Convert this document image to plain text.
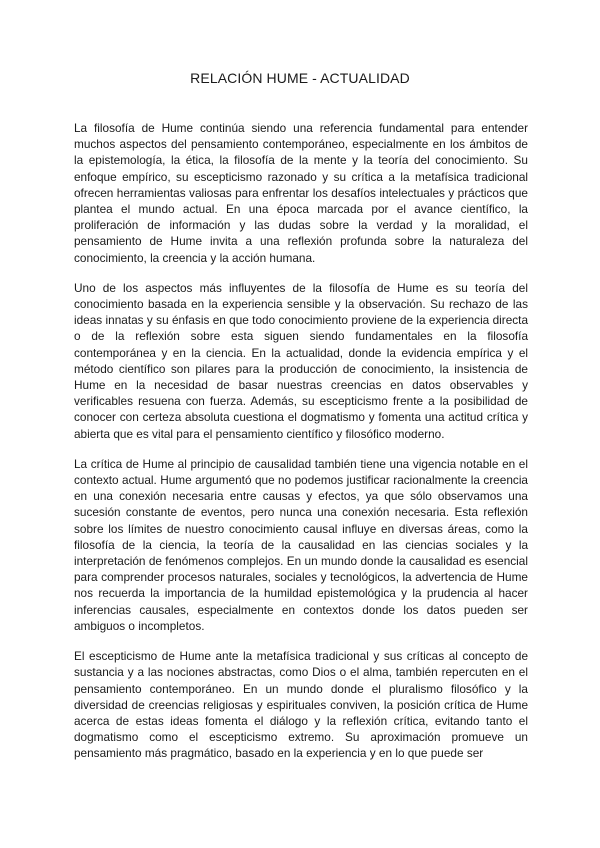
RELACIÓN HUME - ACTUALIDAD

La filosofía de Hume continúa siendo una referencia fundamental para entender muchos aspectos del pensamiento contemporáneo, especialmente en los ámbitos de la epistemología, la ética, la filosofía de la mente y la teoría del conocimiento. Su enfoque empírico, su escepticismo razonado y su crítica a la metafísica tradicional ofrecen herramientas valiosas para enfrentar los desafíos intelectuales y prácticos que plantea el mundo actual. En una época marcada por el avance científico, la proliferación de información y las dudas sobre la verdad y la moralidad, el pensamiento de Hume invita a una reflexión profunda sobre la naturaleza del conocimiento, la creencia y la acción humana.

Uno de los aspectos más influyentes de la filosofía de Hume es su teoría del conocimiento basada en la experiencia sensible y la observación. Su rechazo de las ideas innatas y su énfasis en que todo conocimiento proviene de la experiencia directa o de la reflexión sobre esta siguen siendo fundamentales en la filosofía contemporánea y en la ciencia. En la actualidad, donde la evidencia empírica y el método científico son pilares para la producción de conocimiento, la insistencia de Hume en la necesidad de basar nuestras creencias en datos observables y verificables resuena con fuerza. Además, su escepticismo frente a la posibilidad de conocer con certeza absoluta cuestiona el dogmatismo y fomenta una actitud crítica y abierta que es vital para el pensamiento científico y filosófico moderno.

La crítica de Hume al principio de causalidad también tiene una vigencia notable en el contexto actual. Hume argumentó que no podemos justificar racionalmente la creencia en una conexión necesaria entre causas y efectos, ya que sólo observamos una sucesión constante de eventos, pero nunca una conexión necesaria. Esta reflexión sobre los límites de nuestro conocimiento causal influye en diversas áreas, como la filosofía de la ciencia, la teoría de la causalidad en las ciencias sociales y la interpretación de fenómenos complejos. En un mundo donde la causalidad es esencial para comprender procesos naturales, sociales y tecnológicos, la advertencia de Hume nos recuerda la importancia de la humildad epistemológica y la prudencia al hacer inferencias causales, especialmente en contextos donde los datos pueden ser ambiguos o incompletos.

El escepticismo de Hume ante la metafísica tradicional y sus críticas al concepto de sustancia y a las nociones abstractas, como Dios o el alma, también repercuten en el pensamiento contemporáneo. En un mundo donde el pluralismo filosófico y la diversidad de creencias religiosas y espirituales conviven, la posición crítica de Hume acerca de estas ideas fomenta el diálogo y la reflexión crítica, evitando tanto el dogmatismo como el escepticismo extremo. Su aproximación promueve un pensamiento más pragmático, basado en la experiencia y en lo que puede ser
